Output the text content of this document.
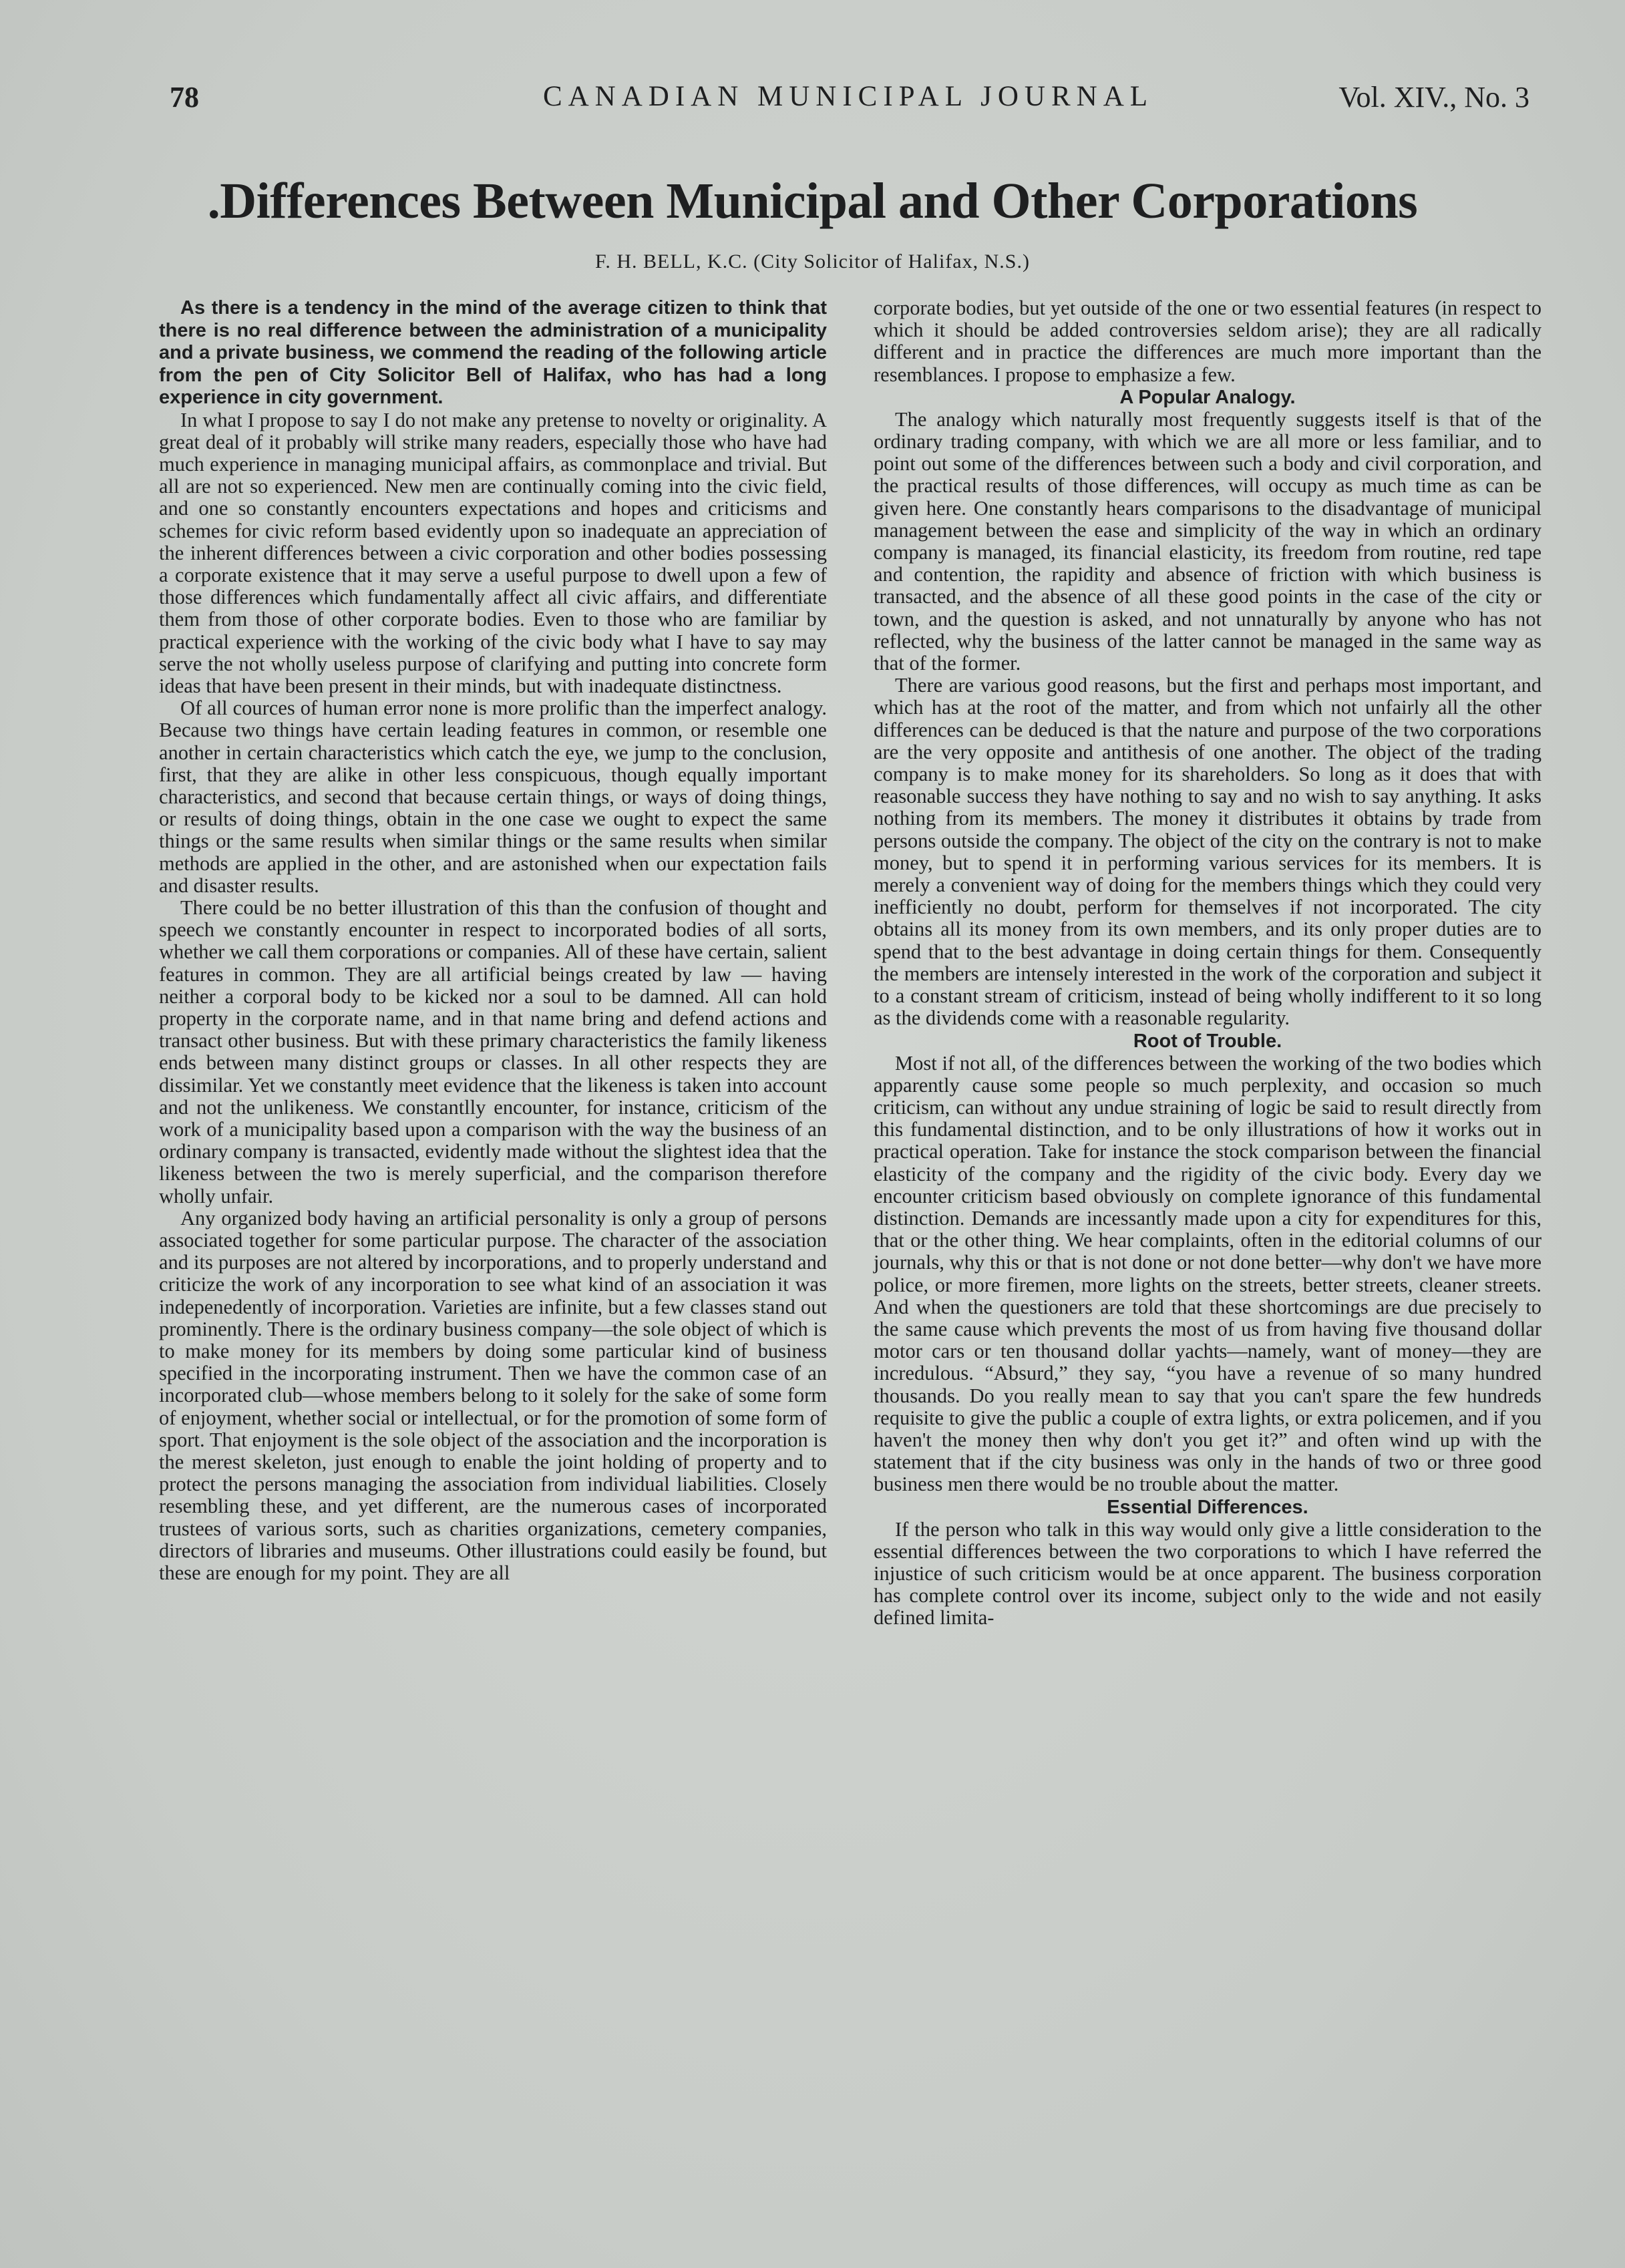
78	CANADIAN MUNICIPAL JOURNAL	Vol. XIV., No. 3
.Differences Between Municipal and Other Corporations
F. H. BELL, K.C. (City Solicitor of Halifax, N.S.)

As there is a tendency in the mind of the average citizen to think that there is no real difference between the administration of a municipality and a private business, we commend the reading of the following article from the pen of City Solicitor Bell of Halifax, who has had a long experience in city government.

In what I propose to say I do not make any pretense to novelty or originality. A great deal of it probably will strike many readers, especially those who have had much experience in managing municipal affairs, as commonplace and trivial. But all are not so experienced. New men are continually coming into the civic field, and one so constantly encounters expectations and hopes and criticisms and schemes for civic reform based evidently upon so inadequate an appreciation of the inherent differences between a civic corporation and other bodies possessing a corporate existence that it may serve a useful purpose to dwell upon a few of those differences which fundamentally affect all civic affairs, and differentiate them from those of other corporate bodies. Even to those who are familiar by practical experience with the working of the civic body what I have to say may serve the not wholly useless purpose of clarifying and putting into concrete form ideas that have been present in their minds, but with inadequate distinctness.

Of all cources of human error none is more prolific than the imperfect analogy. Because two things have certain leading features in common, or resemble one another in certain characteristics which catch the eye, we jump to the conclusion, first, that they are alike in other less conspicuous, though equally important characteristics, and second that because certain things, or ways of doing things, or results of doing things, obtain in the one case we ought to expect the same things or the same results when similar things or the same results when similar methods are applied in the other, and are astonished when our expectation fails and disaster results.

There could be no better illustration of this than the confusion of thought and speech we constantly encounter in respect to incorporated bodies of all sorts, whether we call them corporations or companies. All of these have certain, salient features in common. They are all artificial beings created by law — having neither a corporal body to be kicked nor a soul to be damned. All can hold property in the corporate name, and in that name bring and defend actions and transact other business. But with these primary characteristics the family likeness ends between many distinct groups or classes. In all other respects they are dissimilar. Yet we constantly meet evidence that the likeness is taken into account and not the unlikeness. We constantlly encounter, for instance, criticism of the work of a municipality based upon a comparison with the way the business of an ordinary company is transacted, evidently made without the slightest idea that the likeness between the two is merely superficial, and the comparison therefore wholly unfair.

Any organized body having an artificial personality is only a group of persons associated together for some particular purpose. The character of the association and its purposes are not altered by incorporations, and to properly understand and criticize the work of any incorporation to see what kind of an association it was indepenedently of incorporation. Varieties are infinite, but a few classes stand out prominently. There is the ordinary business company—the sole object of which is to make money for its members by doing some particular kind of business specified in the incorporating instrument. Then we have the common case of an incorporated club—whose members belong to it solely for the sake of some form of enjoyment, whether social or intellectual, or for the promotion of some form of sport. That enjoyment is the sole object of the association and the incorporation is the merest skeleton, just enough to enable the joint holding of property and to protect the persons managing the association from individual liabilities. Closely resembling these, and yet different, are the numerous cases of incorporated trustees of various sorts, such as charities organizations, cemetery companies, directors of libraries and museums. Other illustrations could easily be found, but these are enough for my point. They are all

corporate bodies, but yet outside of the one or two essential features (in respect to which it should be added controversies seldom arise); they are all radically different and in practice the differences are much more important than the resemblances. I propose to emphasize a few.

A Popular Analogy.

The analogy which naturally most frequently suggests itself is that of the ordinary trading company, with which we are all more or less familiar, and to point out some of the differences between such a body and civil corporation, and the practical results of those differences, will occupy as much time as can be given here. One constantly hears comparisons to the disadvantage of municipal management between the ease and simplicity of the way in which an ordinary company is managed, its financial elasticity, its freedom from routine, red tape and contention, the rapidity and absence of friction with which business is transacted, and the absence of all these good points in the case of the city or town, and the question is asked, and not unnaturally by anyone who has not reflected, why the business of the latter cannot be managed in the same way as that of the former.

There are various good reasons, but the first and perhaps most important, and which has at the root of the matter, and from which not unfairly all the other differences can be deduced is that the nature and purpose of the two corporations are the very opposite and antithesis of one another. The object of the trading company is to make money for its shareholders. So long as it does that with reasonable success they have nothing to say and no wish to say anything. It asks nothing from its members. The money it distributes it obtains by trade from persons outside the company. The object of the city on the contrary is not to make money, but to spend it in performing various services for its members. It is merely a convenient way of doing for the members things which they could very inefficiently no doubt, perform for themselves if not incorporated. The city obtains all its money from its own members, and its only proper duties are to spend that to the best advantage in doing certain things for them. Consequently the members are intensely interested in the work of the corporation and subject it to a constant stream of criticism, instead of being wholly indifferent to it so long as the dividends come with a reasonable regularity.

Root of Trouble.

Most if not all, of the differences between the working of the two bodies which apparently cause some people so much perplexity, and occasion so much criticism, can without any undue straining of logic be said to result directly from this fundamental distinction, and to be only illustrations of how it works out in practical operation. Take for instance the stock comparison between the financial elasticity of the company and the rigidity of the civic body. Every day we encounter criticism based obviously on complete ignorance of this fundamental distinction. Demands are incessantly made upon a city for expenditures for this, that or the other thing. We hear complaints, often in the editorial columns of our journals, why this or that is not done or not done better—why don't we have more police, or more firemen, more lights on the streets, better streets, cleaner streets. And when the questioners are told that these shortcomings are due precisely to the same cause which prevents the most of us from having five thousand dollar motor cars or ten thousand dollar yachts—namely, want of money—they are incredulous. “Absurd,” they say, “you have a revenue of so many hundred thousands. Do you really mean to say that you can't spare the few hundreds requisite to give the public a couple of extra lights, or extra policemen, and if you haven't the money then why don't you get it?” and often wind up with the statement that if the city business was only in the hands of two or three good business men there would be no trouble about the matter.

Essential Differences.

If the person who talk in this way would only give a little consideration to the essential differences between the two corporations to which I have referred the injustice of such criticism would be at once apparent. The business corporation has complete control over its income, subject only to the wide and not easily defined limita-
